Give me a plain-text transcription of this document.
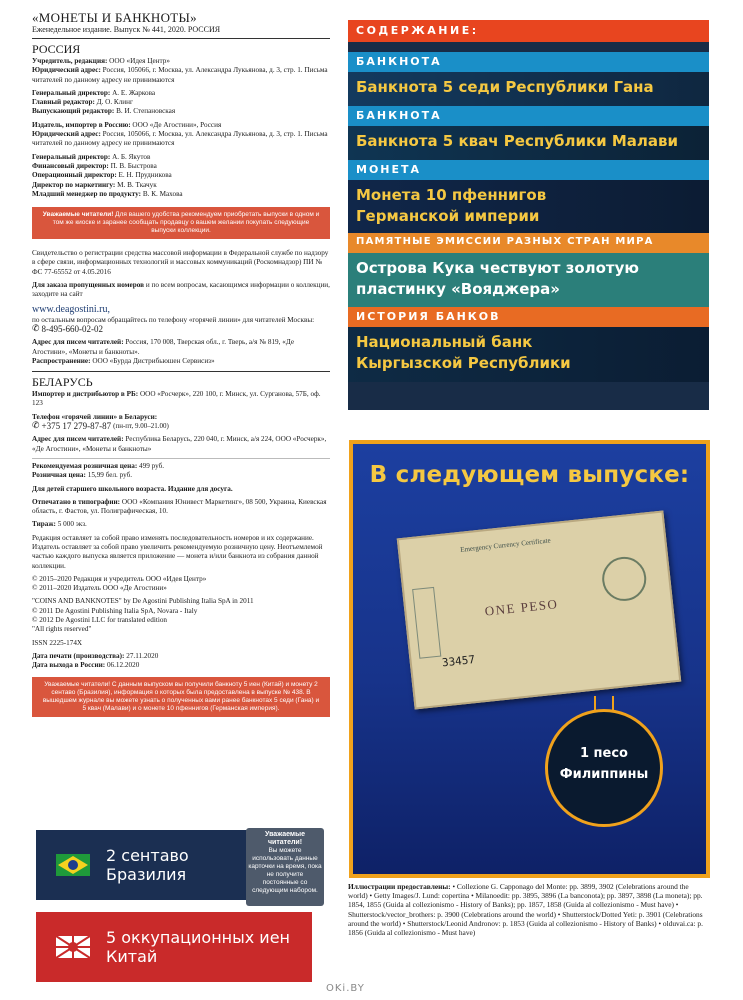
«МОНЕТЫ И БАНКНОТЫ»
Еженедельное издание. Выпуск № 441, 2020. РОССИЯ
РОССИЯ

Учредитель, редакция: ООО «Идея Центр»

Юридический адрес: Россия, 105066, г. Москва, ул. Александра Лукьянова, д. 3, стр. 1. Письма читателей по данному адресу не принимаются

Генеральный директор: А. Е. Жаркова

Главный редактор: Д. О. Клинг

Выпускающий редактор: В. И. Степановская

Издатель, импортер в Россию: ООО «Де Агостини», Россия

Юридический адрес: Россия, 105066, г. Москва, ул. Александра Лукьянова, д. 3, стр. 1. Письма читателей по данному адресу не принимаются

Генеральный директор: А. Б. Якутов

Финансовый директор: П. В. Быстрова

Операционный директор: Е. Н. Прудникова

Директор по маркетингу: М. В. Ткачук

Младший менеджер по продукту: В. К. Махова

Уважаемые читатели! Для вашего удобства рекомендуем приобретать выпуски в одном и том же киоске и заранее сообщать продавцу о вашем желании покупать следующие выпуски коллекции.
Свидетельство о регистрации средства массовой информации в Федеральной службе по надзору в сфере связи, информационных технологий и массовых коммуникаций (Роскомнадзор) ПИ № ФС 77-65552 от 4.05.2016
Для заказа пропущенных номеров и по всем вопросам, касающимся информации о коллекции, заходите на сайт
www.deagostini.ru,
по остальным вопросам обращайтесь по телефону «горячей линии» для читателей Москвы:
✆ 8-495-660-02-02

Адрес для писем читателей: Россия, 170 008, Тверская обл., г. Тверь, а/я № 819, «Де Агостини», «Монеты и банкноты».

Распространение: ООО «Бурда Дистрибьюшен Сервисиз»

БЕЛАРУСЬ
Импортер и дистрибьютор в РБ: ООО «Росчерк», 220 100, г. Минск, ул. Сурганова, 57Б, оф. 123
Телефон «горячей линии» в Беларуси:
✆ +375 17 279-87-87 (пн-пт, 9.00–21.00)
Адрес для писем читателей: Республика Беларусь, 220 040, г. Минск, а/я 224, ООО «Росчерк», «Де Агостини», «Монеты и банкноты»

Рекомендуемая розничная цена: 499 руб.

Розничная цена: 15,99 бел. руб.

Для детей старшего школьного возраста. Издание для досуга.
Отпечатано в типографии: ООО «Компания Юнивест Маркетинг», 08 500, Украина, Киевская область, г. Фастов, ул. Полиграфическая, 10.
Тираж: 5 000 экз.
Редакция оставляет за собой право изменять последовательность номеров и их содержание. Издатель оставляет за собой право увеличить рекомендуемую розничную цену. Неотъемлемой частью каждого выпуска является приложение — монета и/или банкнота из собрания данной коллекции.

© 2015–2020 Редакция и учредитель ООО «Идея Центр»

© 2011–2020 Издатель ООО «Де Агостини»

"COINS AND BANKNOTES" by De Agostini Publishing Italia SpA in 2011

© 2011 De Agostini Publishing Italia SpA, Novara - Italy

© 2012 De Agostini LLC for translated edition

"All rights reserved"

ISSN 2225-174X

Дата печати (производства): 27.11.2020

Дата выхода в России: 06.12.2020

Уважаемые читатели! С данным выпуском вы получили банкноту 5 иен (Китай) и монету 2 сентаво (Бразилия), информация о которых была предоставлена в выпуске № 438. В вышедшем журнале вы можете узнать о полученных вами ранее банкнотах 5 седи (Гана) и 5 квач (Малави) и о монете 10 пфеннигов (Германская империя).
СОДЕРЖАНИЕ:
БАНКНОТА
Банкнота 5 седи Республики Гана
БАНКНОТА
Банкнота 5 квач Республики Малави
МОНЕТА
Монета 10 пфеннигов
Германской империи
ПАМЯТНЫЕ ЭМИССИИ РАЗНЫХ СТРАН МИРА
Острова Кука чествуют золотую
пластинку «Вояджера»
ИСТОРИЯ БАНКОВ
Национальный банк
Кыргызской Республики
В следующем выпуске:
Emergency Currency Certificate
ONE PESO
33457
1 песо
Филиппины
2 сентаво
Бразилия
5 оккупационных иен
Китай
Уважаемые читатели!
Вы можете использовать данные карточки на время, пока не получите постоянные со следующим набором.	Иллюстрации предоставлены: • Collezione G. Capponago del Monte: pp. 3899, 3902 (Celebrations around the world) • Getty Images/J. Lund: copertina • Milanoedit: pp. 3895, 3896 (La banconota); pp. 3897, 3898 (La moneta); pp. 1854, 1855 (Guida al collezionismo - History of Banks); pp. 1857, 1858 (Guida al collezionismo - Must have) • Shutterstock/vector_brothers: p. 3900 (Celebrations around the world) • Shutterstock/Dotted Yeti: p. 3901 (Celebrations around the world) • Shutterstock/Leonid Andronov: p. 1853 (Guida al collezionismo - History of Banks) • olduvai.ca: p. 1856 (Guida al collezionismo - Must have)
OKi.BY
